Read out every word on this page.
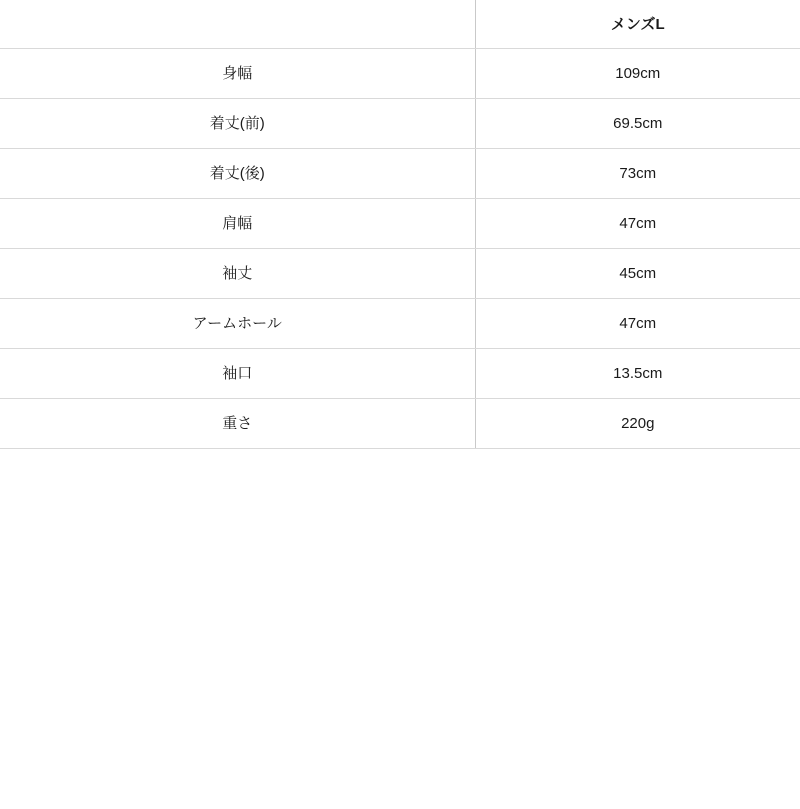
	メンズL
身幅	109cm
着丈(前)	69.5cm
着丈(後)	73cm
肩幅	47cm
袖丈	45cm
アームホール	47cm
袖口	13.5cm
重さ	220g
